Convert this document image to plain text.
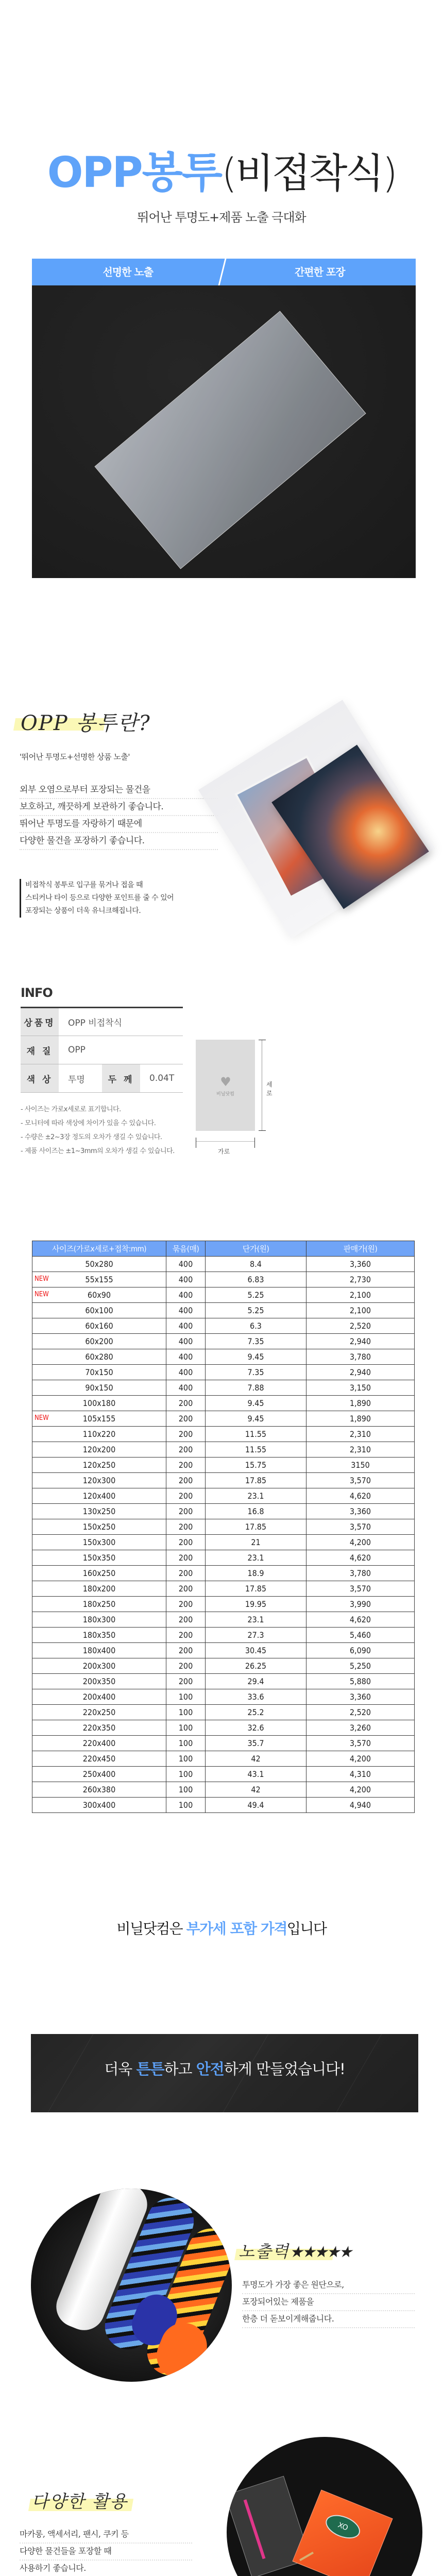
OPP봉투(비접착식)
뛰어난 투명도+제품 노출 극대화
선명한 노출	간편한 포장
OPP 봉투란?
'뛰어난 투명도+선명한 상품 노출'
외부 오염으로부터 포장되는 물건을
보호하고, 깨끗하게 보관하기 좋습니다.
뛰어난 투명도를 자랑하기 때문에
다양한 물건을 포장하기 좋습니다.
비접착식 봉투로 입구를 묶거나 접을 때
스티커나 타이 등으로 다양한 포인트를 줄 수 있어
포장되는 상품이 더욱 유니크해집니다.
INFO
상품명	OPP 비접착식		
재 질	OPP		
색 상	투명	두 께	0.04T
- 사이즈는 가로x세로로 표기합니다.
- 모니터에 따라 색상에 차이가 있을 수 있습니다.
- 수량은 ±2~3장 정도의 오차가 생길 수 있습니다.
- 제품 사이즈는 ±1~3mm의 오차가 생길 수 있습니다.
♥
비닐닷컴
세로
가로
사이즈(가로x세로+접착:mm)	묶음(매)	단가(원)	판매가(원)
50x280	400	8.4	3,360

NEW 55x155	400	6.83	2,730

NEW 60x90	400	5.25	2,100
60x100	400	5.25	2,100
60x160	400	6.3	2,520
60x200	400	7.35	2,940
60x280	400	9.45	3,780
70x150	400	7.35	2,940
90x150	400	7.88	3,150
100x180	200	9.45	1,890

NEW 105x155	200	9.45	1,890
110x220	200	11.55	2,310
120x200	200	11.55	2,310
120x250	200	15.75	3150
120x300	200	17.85	3,570
120x400	200	23.1	4,620
130x250	200	16.8	3,360
150x250	200	17.85	3,570
150x300	200	21	4,200
150x350	200	23.1	4,620
160x250	200	18.9	3,780
180x200	200	17.85	3,570
180x250	200	19.95	3,990
180x300	200	23.1	4,620
180x350	200	27.3	5,460
180x400	200	30.45	6,090
200x300	200	26.25	5,250
200x350	200	29.4	5,880
200x400	100	33.6	3,360
220x250	100	25.2	2,520
220x350	100	32.6	3,260
220x400	100	35.7	3,570
220x450	100	42	4,200
250x400	100	43.1	4,310
260x380	100	42	4,200
300x400	100	49.4	4,940
비닐닷컴은 부가세 포함 가격입니다
더욱 튼튼하고 안전하게 만들었습니다!
노출력★★★★★
투명도가 가장 좋은 원단으로,
포장되어있는 제품을
한층 더 돋보이게해줍니다.
다양한 활용
마카롱, 액세서리, 팬시, 쿠키 등
다양한 물건들을 포장할 때
사용하기 좋습니다.
XO
